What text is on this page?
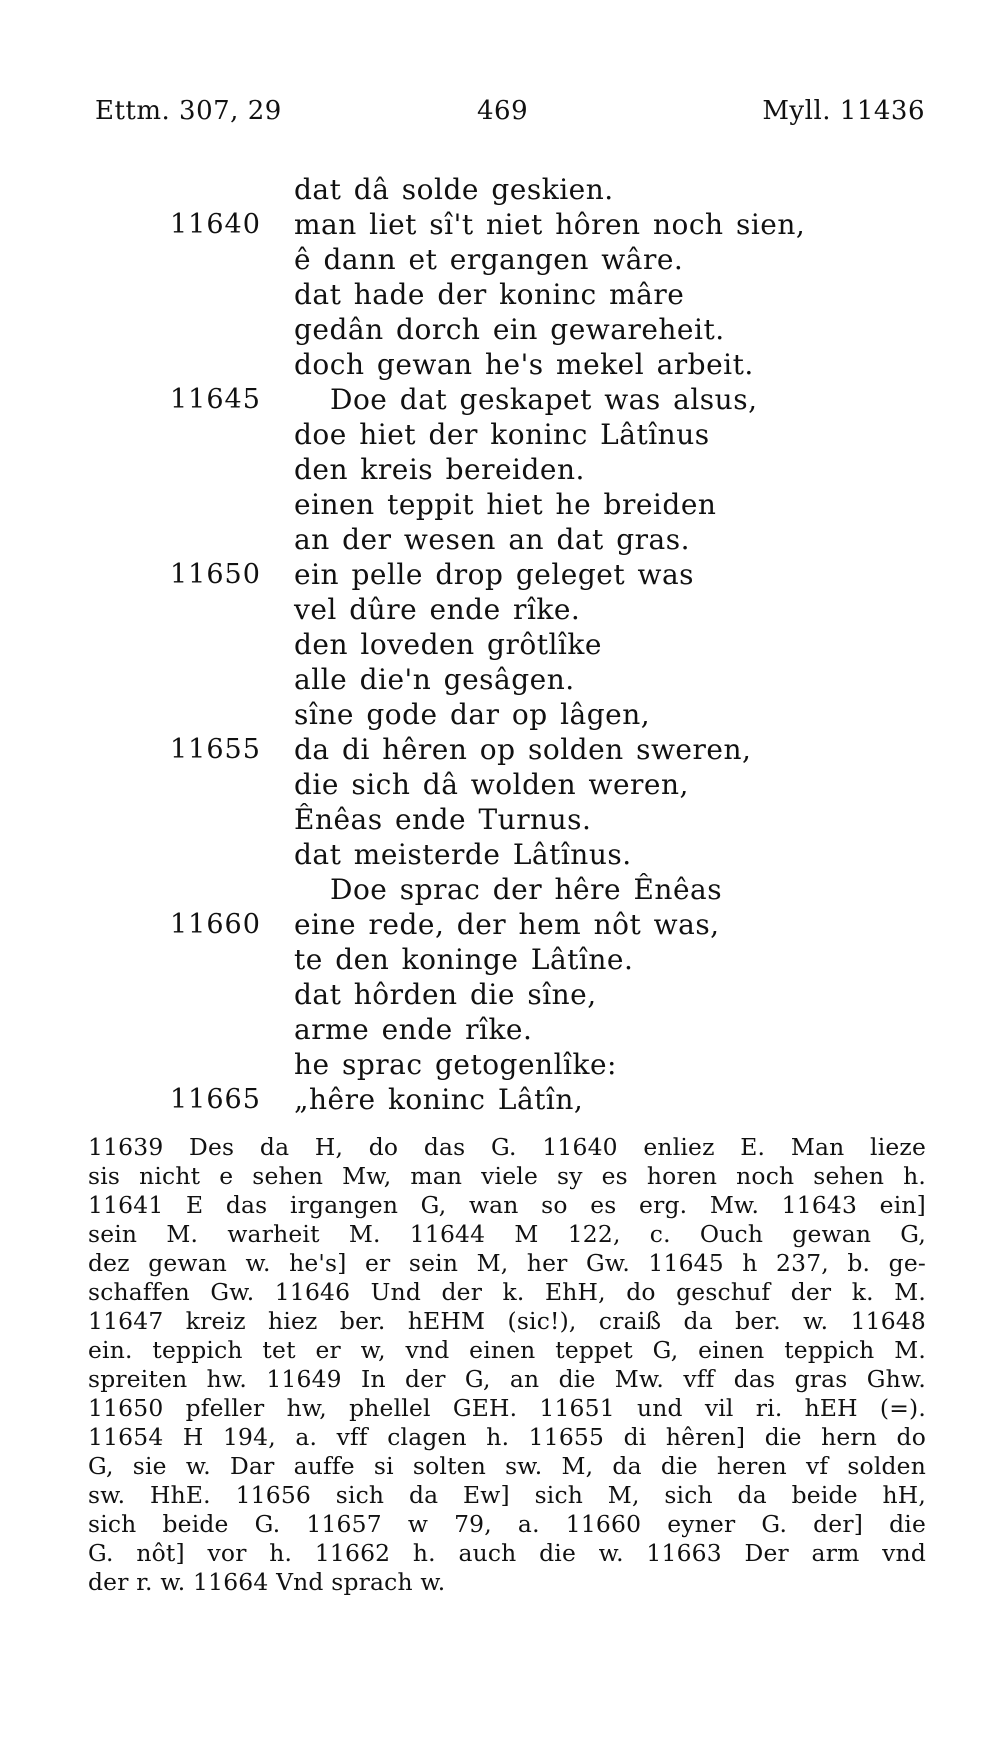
Ettm. 307, 29	469	Myll. 11436
dat dâ solde geskien.
11640 man liet sî't niet hôren noch sien,
ê dann et ergangen wâre.
dat hade der koninc mâre
gedân dorch ein gewareheit.
doch gewan he's mekel arbeit.
11645 Doe dat geskapet was alsus,
doe hiet der koninc Lâtînus
den kreis bereiden.
einen teppit hiet he breiden
an der wesen an dat gras.
11650 ein pelle drop geleget was
vel dûre ende rîke.
den loveden grôtlîke
alle die'n gesâgen.
sîne gode dar op lâgen,
11655 da di hêren op solden sweren,
die sich dâ wolden weren,
Ênêas ende Turnus.
dat meisterde Lâtînus.
Doe sprac der hêre Ênêas
11660 eine rede, der hem nôt was,
te den koninge Lâtîne.
dat hôrden die sîne,
arme ende rîke.
he sprac getogenlîke:
11665 „hêre koninc Lâtîn,
11639 Des da H, do das G. 11640 enliez E. Man lieze
sis nicht e sehen Mw, man viele sy es horen noch sehen h.
11641 E das irgangen G, wan so es erg. Mw. 11643 ein]
sein M. warheit M. 11644 M 122, c. Ouch gewan G,
dez gewan w. he's] er sein M, her Gw. 11645 h 237, b. ge-
schaffen Gw. 11646 Und der k. EhH, do geschuf der k. M.
11647 kreiz hiez ber. hEHM (sic!), craiß da ber. w. 11648
ein. teppich tet er w, vnd einen teppet G, einen teppich M.
spreiten hw. 11649 In der G, an die Mw. vff das gras Ghw.
11650 pfeller hw, phellel GEH. 11651 und vil ri. hEH (=).
11654 H 194, a. vff clagen h. 11655 di hêren] die hern do
G, sie w. Dar auffe si solten sw. M, da die heren vf solden
sw. HhE. 11656 sich da Ew] sich M, sich da beide hH,
sich beide G. 11657 w 79, a. 11660 eyner G. der] die
G. nôt] vor h. 11662 h. auch die w. 11663 Der arm vnd
der r. w. 11664 Vnd sprach w.
